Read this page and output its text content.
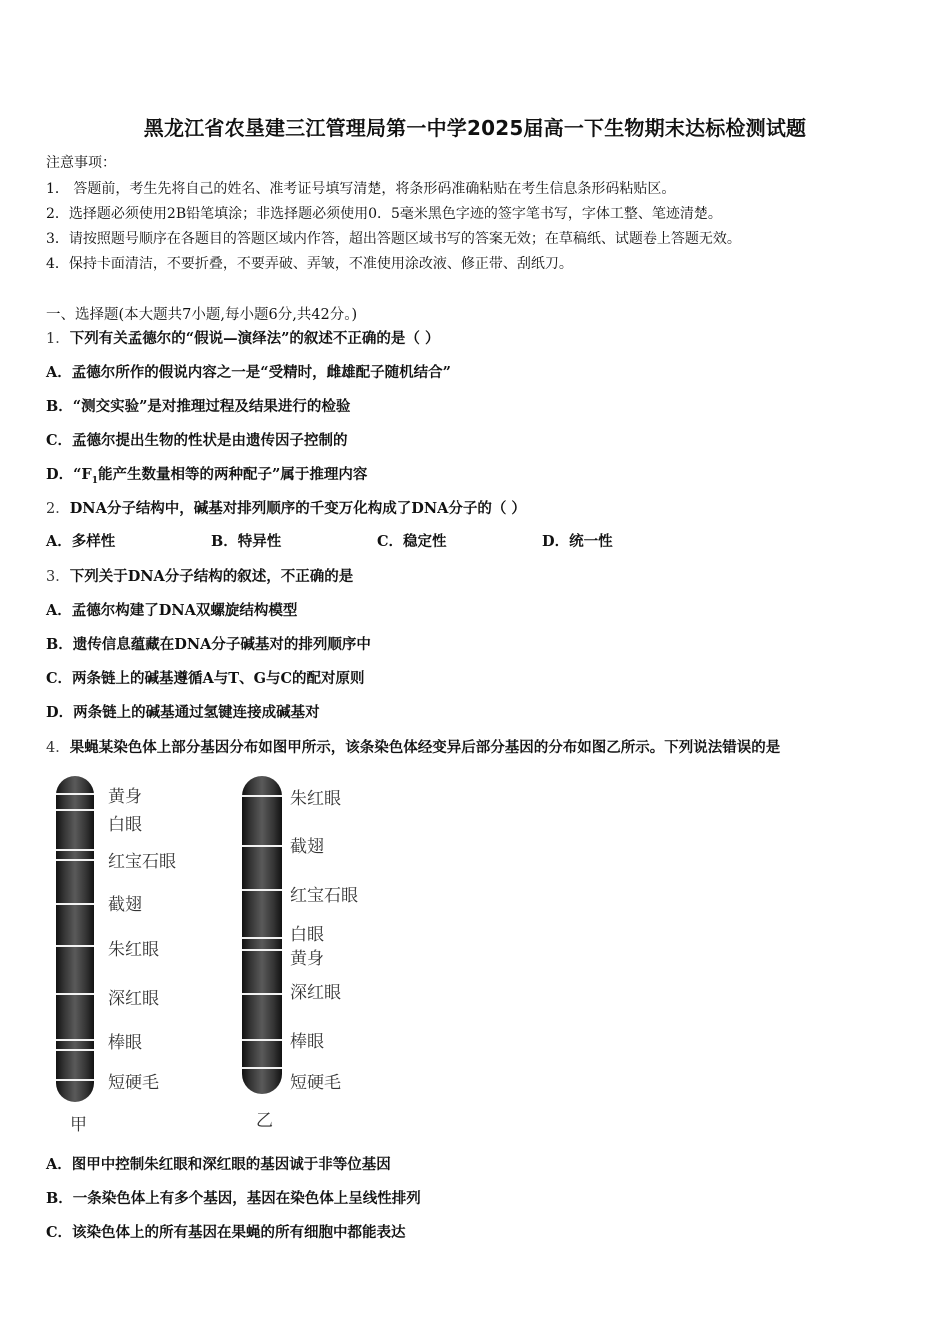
黑龙江省农垦建三江管理局第一中学2025届高一下生物期末达标检测试题
注意事项：
1． 答题前，考生先将自己的姓名、准考证号填写清楚，将条形码准确粘贴在考生信息条形码粘贴区。
2．选择题必须使用2B铅笔填涂；非选择题必须使用0．5毫米黑色字迹的签字笔书写，字体工整、笔迹清楚。
3．请按照题号顺序在各题目的答题区域内作答，超出答题区域书写的答案无效；在草稿纸、试题卷上答题无效。
4．保持卡面清洁，不要折叠，不要弄破、弄皱，不准使用涂改液、修正带、刮纸刀。
一、选择题(本大题共7小题,每小题6分,共42分。)
1．下列有关孟德尔的“假说—演绎法”的叙述不正确的是（ ）
A．孟德尔所作的假说内容之一是“受精时，雌雄配子随机结合”
B．“测交实验”是对推理过程及结果进行的检验
C．孟德尔提出生物的性状是由遗传因子控制的
D．“$F_1$能产生数量相等的两种配子”属于推理内容
2．DNA分子结构中，碱基对排列顺序的千变万化构成了DNA分子的（ ）
A．多样性	B．特异性	C．稳定性	D．统一性
3．下列关于DNA分子结构的叙述，不正确的是
A．孟德尔构建了DNA双螺旋结构模型
B．遗传信息蕴藏在DNA分子碱基对的排列顺序中
C．两条链上的碱基遵循A与T、G与C的配对原则
D．两条链上的碱基通过氢键连接成碱基对
4．果蝇某染色体上部分基因分布如图甲所示，该条染色体经变异后部分基因的分布如图乙所示。下列说法错误的是
黄身
白眼
红宝石眼
截翅
朱红眼
深红眼
棒眼
短硬毛
朱红眼
截翅
红宝石眼
白眼
黄身
深红眼
棒眼
短硬毛
甲	乙
A．图甲中控制朱红眼和深红眼的基因诚于非等位基因
B．一条染色体上有多个基因，基因在染色体上呈线性排列
C．该染色体上的所有基因在果蝇的所有细胞中都能表达
